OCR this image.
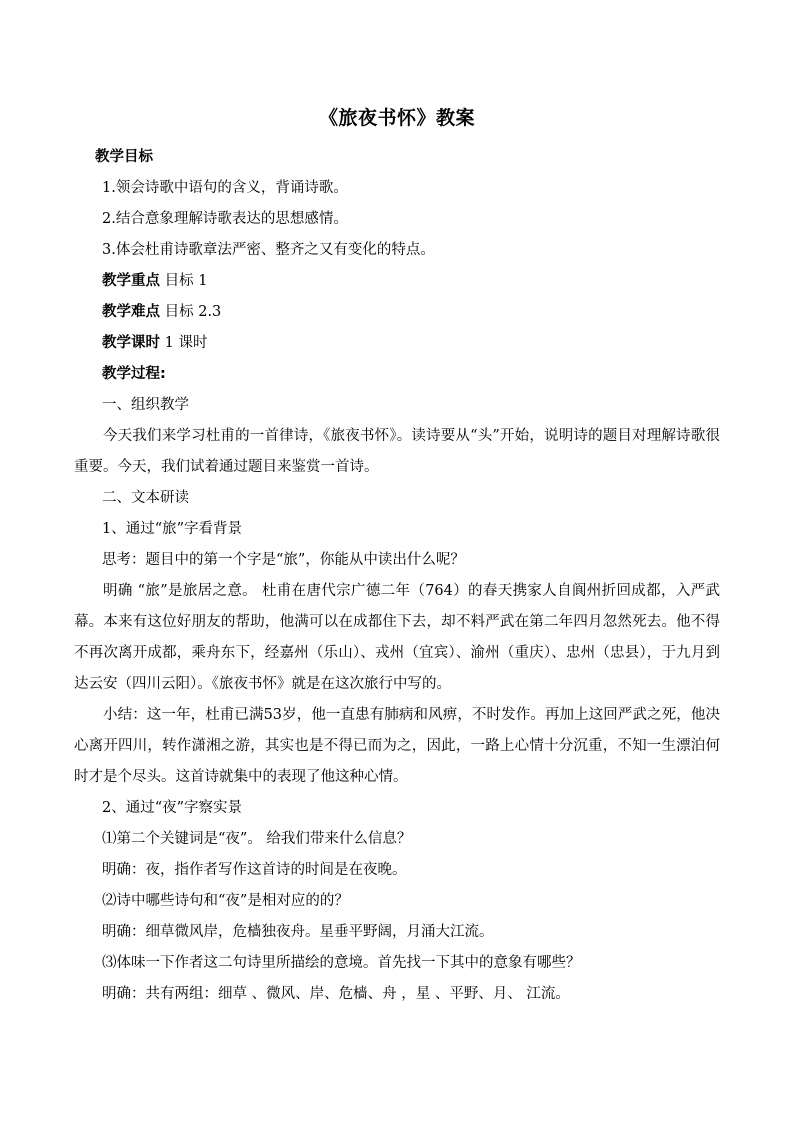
《旅夜书怀》教案
教学目标
1.领会诗歌中语句的含义，背诵诗歌。
2.结合意象理解诗歌表达的思想感情。
3.体会杜甫诗歌章法严密、整齐之又有变化的特点。
教学重点 目标 1
教学难点 目标 2.3
教学课时 1 课时
教学过程:
一、组织教学
今天我们来学习杜甫的一首律诗，《旅夜书怀》。读诗要从“头”开始，说明诗的题目对理解诗歌很重要。今天，我们试着通过题目来鉴赏一首诗。
二、文本研读
1、通过“旅”字看背景
思考：题目中的第一个字是“旅”，你能从中读出什么呢？
明确 “旅”是旅居之意。 杜甫在唐代宗广德二年（764）的春天携家人自阆州折回成都，入严武幕。本来有这位好朋友的帮助，他满可以在成都住下去，却不料严武在第二年四月忽然死去。他不得不再次离开成都，乘舟东下，经嘉州（乐山）、戎州（宜宾）、渝州（重庆）、忠州（忠县），于九月到达云安（四川云阳）。《旅夜书怀》就是在这次旅行中写的。
小结：这一年，杜甫已满53岁，他一直患有肺病和风痹，不时发作。再加上这回严武之死，他决心离开四川，转作潇湘之游，其实也是不得已而为之，因此，一路上心情十分沉重，不知一生漂泊何时才是个尽头。这首诗就集中的表现了他这种心情。
2、通过“夜”字察实景
⑴第二个关键词是“夜”。 给我们带来什么信息？
明确：夜，指作者写作这首诗的时间是在夜晚。
⑵诗中哪些诗句和“夜”是相对应的的？
明确：细草微风岸，危樯独夜舟。星垂平野阔，月涌大江流。
⑶体味一下作者这二句诗里所描绘的意境。首先找一下其中的意象有哪些？
明确：共有两组：细草 、微风、岸、危樯、舟 ，星 、平野、月、 江流。
